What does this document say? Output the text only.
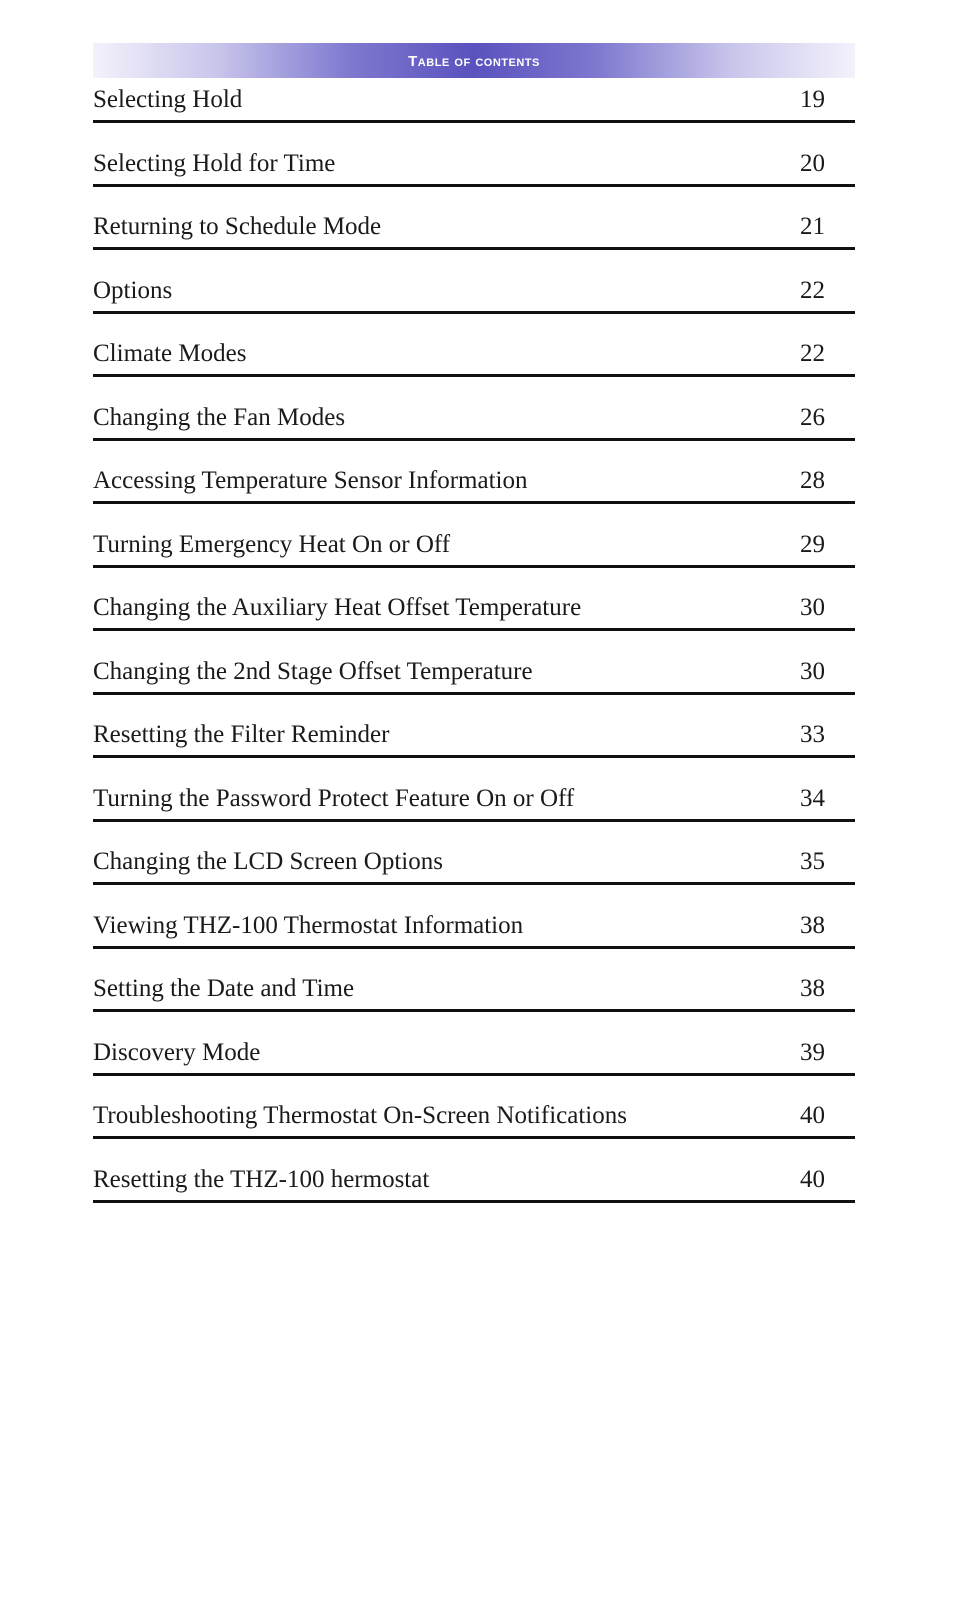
Table of contents
Selecting Hold	19
Selecting Hold for Time	20
Returning to Schedule Mode	21
Options	22
Climate Modes	22
Changing the Fan Modes	26
Accessing Temperature Sensor Information	28
Turning Emergency Heat On or Off	29
Changing the Auxiliary Heat Offset Temperature	30
Changing the 2nd Stage Offset Temperature	30
Resetting the Filter Reminder	33
Turning the Password Protect Feature On or Off	34
Changing the LCD Screen Options	35
Viewing THZ-100 Thermostat Information	38
Setting the Date and Time	38
Discovery Mode	39
Troubleshooting Thermostat On-Screen Notifications	40
Resetting the THZ-100 hermostat	40
